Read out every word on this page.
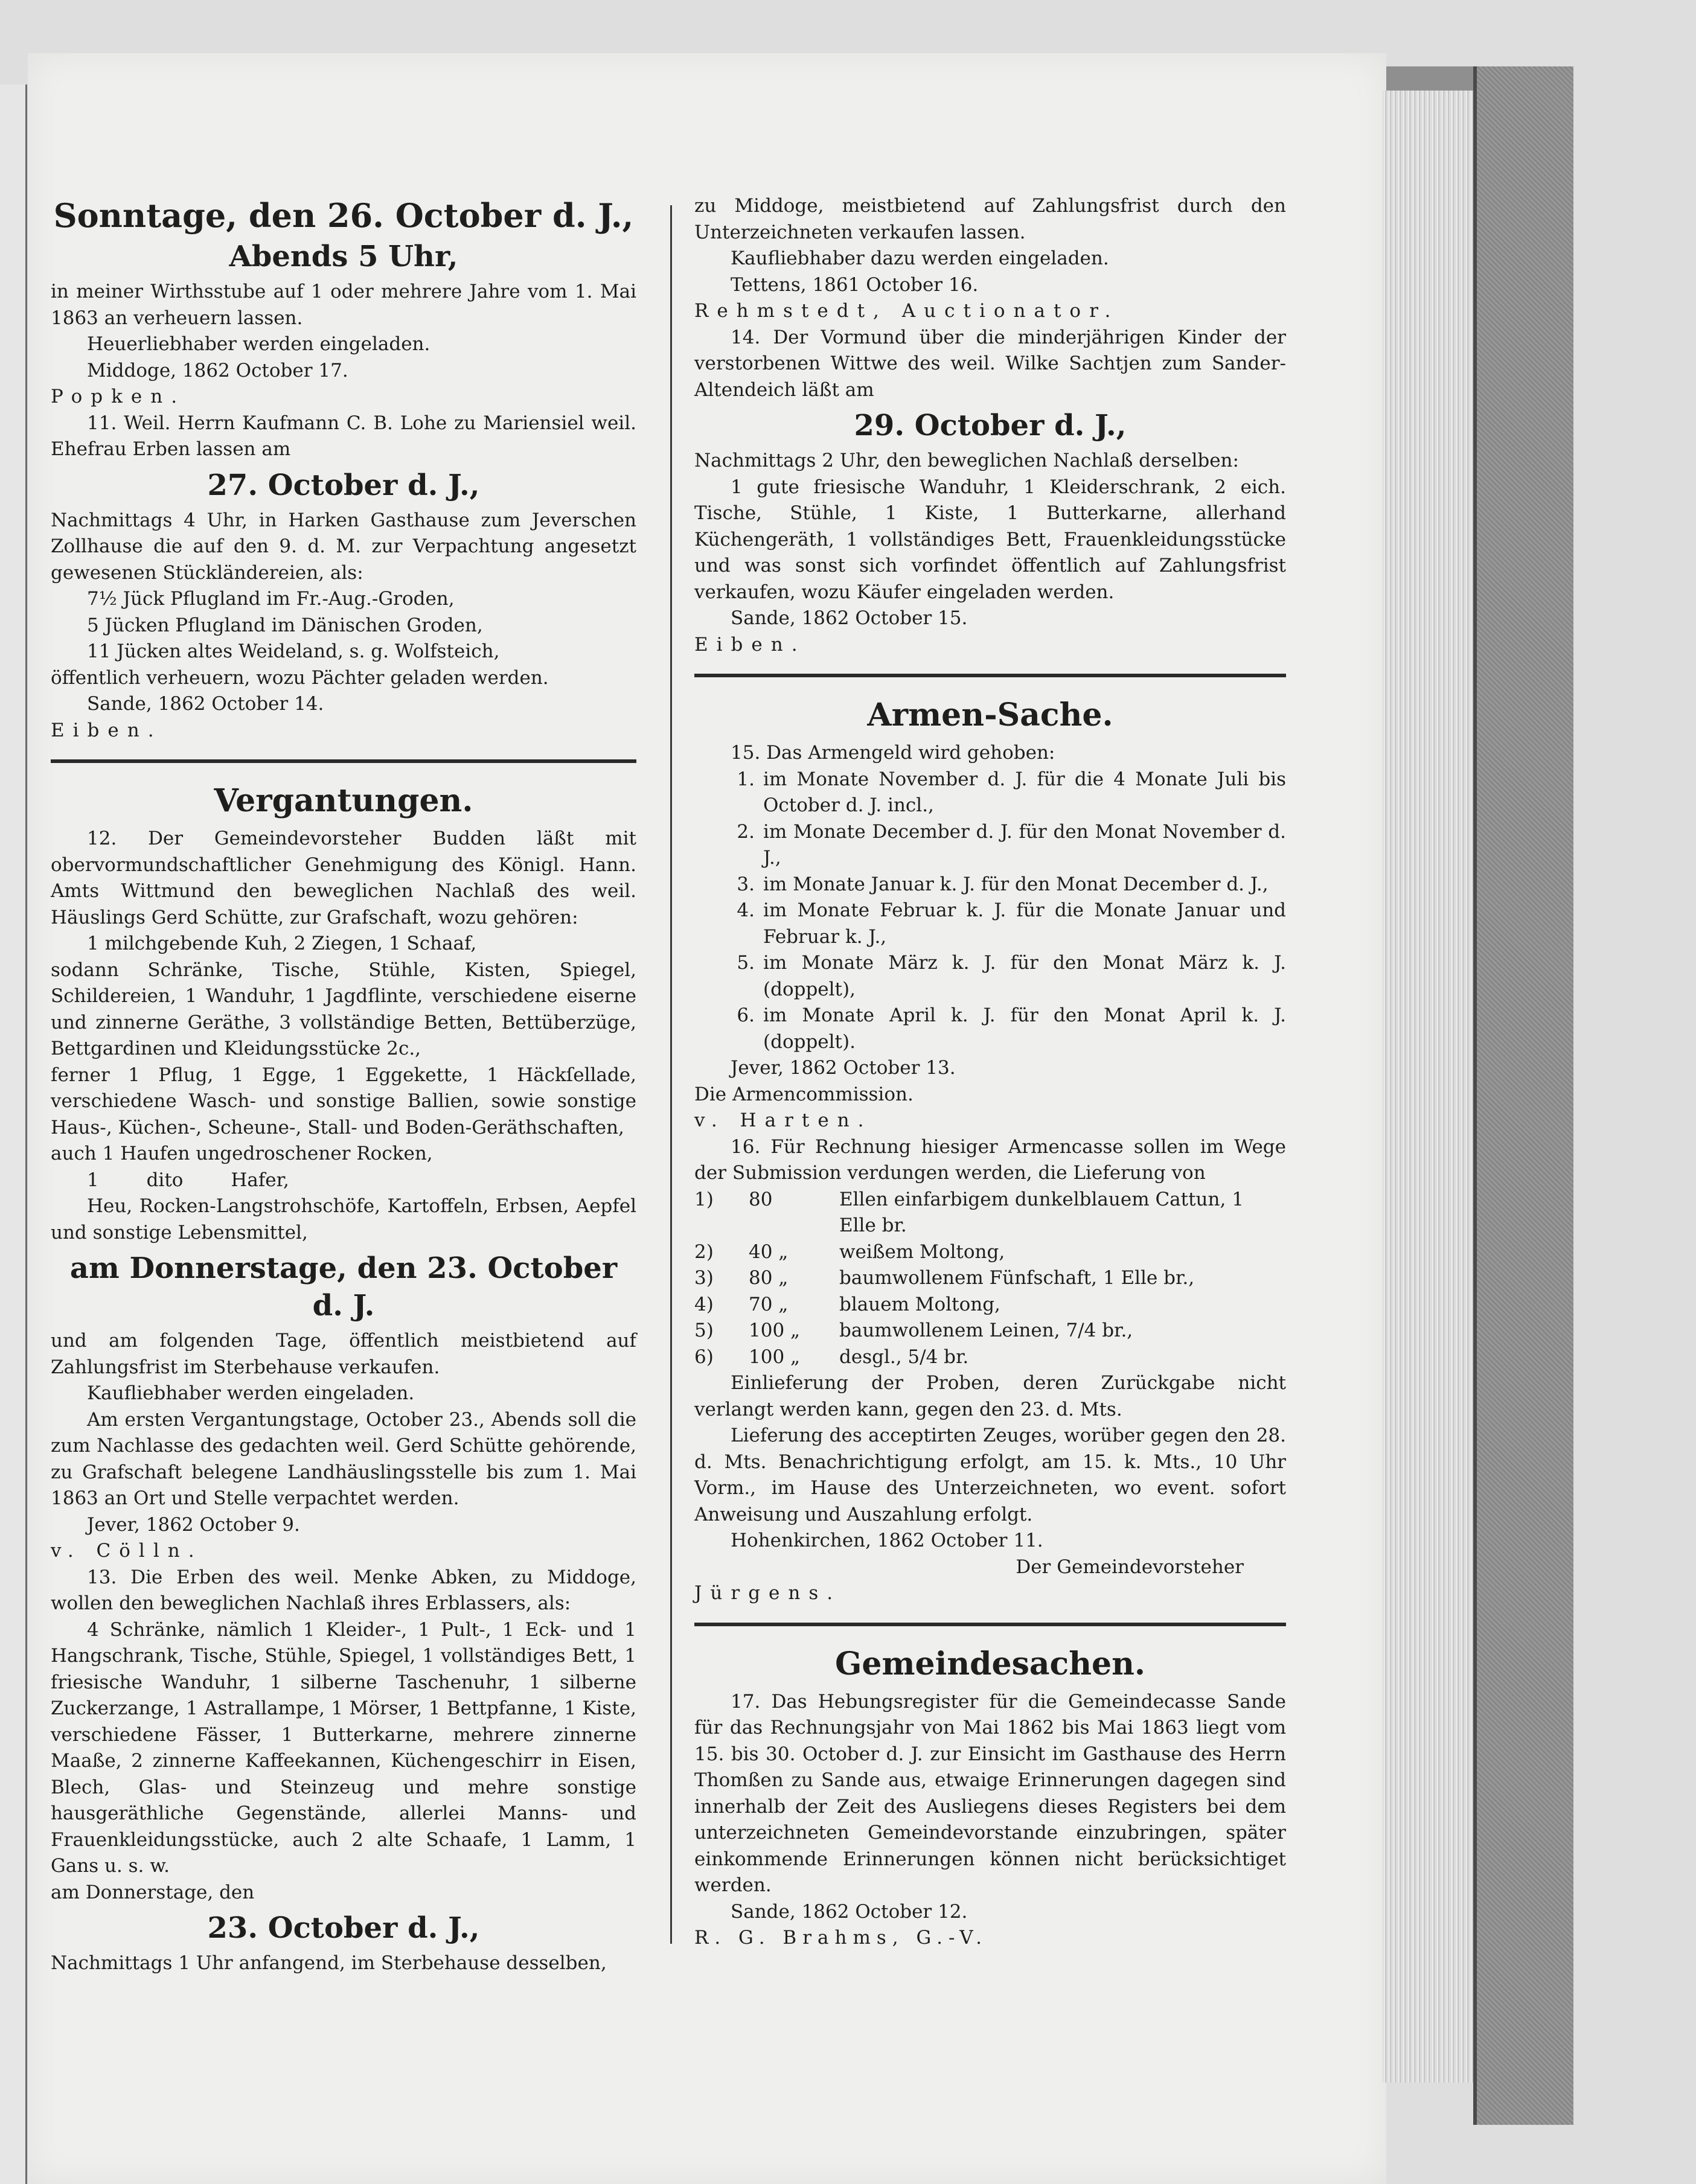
Sonntage, den 26. October d. J.,
Abends 5 Uhr,

in meiner Wirthsstube auf 1 oder mehrere Jahre vom 1. Mai 1863 an verheuern lassen.

Heuerliebhaber werden eingeladen.

Middoge, 1862 October 17.

Popken.

11. Weil. Herrn Kaufmann C. B. Lohe zu Mariensiel weil. Ehefrau Erben lassen am

27. October d. J.,

Nachmittags 4 Uhr, in Harken Gasthause zum Jeverschen Zollhause die auf den 9. d. M. zur Verpachtung angesetzt gewesenen Stückländereien, als:

7½ Jück Pflugland im Fr.-Aug.-Groden,

5 Jücken Pflugland im Dänischen Groden,

11 Jücken altes Weideland, s. g. Wolfsteich,

öffentlich verheuern, wozu Pächter geladen werden.

Sande, 1862 October 14.

Eiben.

Vergantungen.

12. Der Gemeindevorsteher Budden läßt mit obervormundschaftlicher Genehmigung des Königl. Hann. Amts Wittmund den beweglichen Nachlaß des weil. Häuslings Gerd Schütte, zur Grafschaft, wozu gehören:

1 milchgebende Kuh, 2 Ziegen, 1 Schaaf,

sodann Schränke, Tische, Stühle, Kisten, Spiegel, Schildereien, 1 Wanduhr, 1 Jagdflinte, verschiedene eiserne und zinnerne Geräthe, 3 vollständige Betten, Bettüberzüge, Bettgardinen und Kleidungsstücke 2c.,

ferner 1 Pflug, 1 Egge, 1 Eggekette, 1 Häckſellade, verschiedene Wasch- und sonstige Ballien, sowie sonstige Haus-, Küchen-, Scheune-, Stall- und Boden-Geräthschaften,

auch 1 Haufen ungedroschener Rocken,

1	dito	Hafer,

Heu, Rocken-Langstrohschöfe, Kartoffeln, Erbsen, Aepfel und sonstige Lebensmittel,

am Donnerstage, den 23. October d. J.

und am folgenden Tage, öffentlich meistbietend auf Zahlungsfrist im Sterbehause verkaufen.

Kaufliebhaber werden eingeladen.

Am ersten Vergantungstage, October 23., Abends soll die zum Nachlasse des gedachten weil. Gerd Schütte gehörende, zu Grafschaft belegene Landhäuslingsstelle bis zum 1. Mai 1863 an Ort und Stelle verpachtet werden.

Jever, 1862 October 9.

v. Cölln.

13. Die Erben des weil. Menke Abken, zu Middoge, wollen den beweglichen Nachlaß ihres Erblassers, als:

4 Schränke, nämlich 1 Kleider-, 1 Pult-, 1 Eck- und 1 Hangschrank, Tische, Stühle, Spiegel, 1 vollständiges Bett, 1 friesische Wanduhr, 1 silberne Taschenuhr, 1 silberne Zuckerzange, 1 Astrallampe, 1 Mörser, 1 Bettpfanne, 1 Kiste, verschiedene Fässer, 1 Butterkarne, mehrere zinnerne Maaße, 2 zinnerne Kaffeekannen, Küchengeschirr in Eisen, Blech, Glas- und Steinzeug und mehre sonstige hausgeräthliche Gegenstände, allerlei Manns- und Frauenkleidungsstücke, auch 2 alte Schaafe, 1 Lamm, 1 Gans u. s. w.

am Donnerstage, den

23. October d. J.,

Nachmittags 1 Uhr anfangend, im Sterbehause desselben,

zu Middoge, meistbietend auf Zahlungsfrist durch den Unterzeichneten verkaufen lassen.

Kaufliebhaber dazu werden eingeladen.

Tettens, 1861 October 16.

Rehmstedt, Auctionator.

14. Der Vormund über die minderjährigen Kinder der verstorbenen Wittwe des weil. Wilke Sachtjen zum Sander-Altendeich läßt am

29. October d. J.,

Nachmittags 2 Uhr, den beweglichen Nachlaß derselben:

1 gute friesische Wanduhr, 1 Kleiderschrank, 2 eich. Tische, Stühle, 1 Kiste, 1 Butterkarne, allerhand Küchengeräth, 1 vollständiges Bett, Frauenkleidungsstücke und was sonst sich vorfindet öffentlich auf Zahlungsfrist verkaufen, wozu Käufer eingeladen werden.

Sande, 1862 October 15.

Eiben.

Armen-Sache.

15. Das Armengeld wird gehoben:

1. im Monate November d. J. für die 4 Monate Juli bis October d. J. incl.,
2. im Monate December d. J. für den Monat November d. J.,
3. im Monate Januar k. J. für den Monat December d. J.,
4. im Monate Februar k. J. für die Monate Januar und Februar k. J.,
5. im Monate März k. J. für den Monat März k. J. (doppelt),
6. im Monate April k. J. für den Monat April k. J. (doppelt).

Jever, 1862 October 13.

Die Armencommission.

v. Harten.

16. Für Rechnung hiesiger Armencasse sollen im Wege der Submission verdungen werden, die Lieferung von

1)	80	Ellen einfarbigem dunkelblauem Cattun, 1 Elle br.
2)	40 „	weißem Moltong,
3)	80 „	baumwollenem Fünfschaft, 1 Elle br.,
4)	70 „	blauem Moltong,
5)	100 „	baumwollenem Leinen, 7/4 br.,
6)	100 „	desgl., 5/4 br.

Einlieferung der Proben, deren Zurückgabe nicht verlangt werden kann, gegen den 23. d. Mts.

Lieferung des acceptirten Zeuges, worüber gegen den 28. d. Mts. Benachrichtigung erfolgt, am 15. k. Mts., 10 Uhr Vorm., im Hause des Unterzeichneten, wo event. sofort Anweisung und Auszahlung erfolgt.

Hohenkirchen, 1862 October 11.

Der Gemeindevorsteher

Jürgens.

Gemeindesachen.

17. Das Hebungsregister für die Gemeindecasse Sande für das Rechnungsjahr von Mai 1862 bis Mai 1863 liegt vom 15. bis 30. October d. J. zur Einsicht im Gasthause des Herrn Thomßen zu Sande aus, etwaige Erinnerungen dagegen sind innerhalb der Zeit des Ausliegens dieses Registers bei dem unterzeichneten Gemeindevorstande einzubringen, später einkommende Erinnerungen können nicht berücksichtiget werden.

Sande, 1862 October 12.

R. G. Brahms, G.-V.
